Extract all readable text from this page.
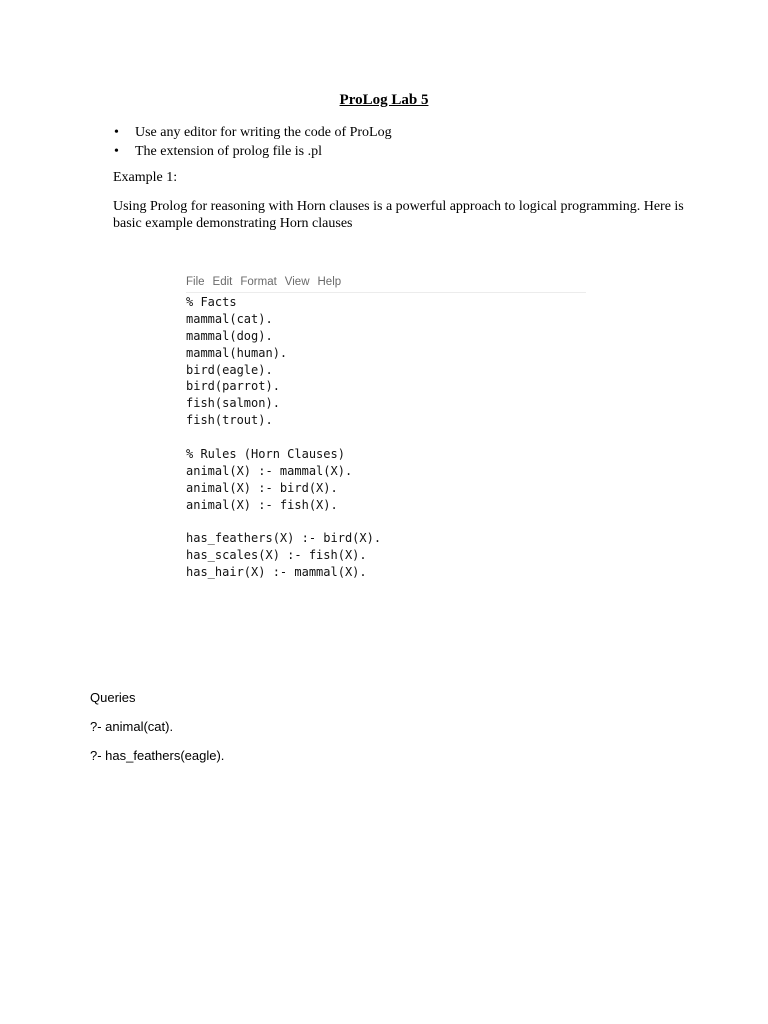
ProLog Lab 5
• Use any editor for writing the code of ProLog
• The extension of prolog file is .pl
Example 1:
Using Prolog for reasoning with Horn clauses is a powerful approach to logical programming. Here is basic example demonstrating Horn clauses
File Edit Format View Help
% Facts
mammal(cat).
mammal(dog).
mammal(human).
bird(eagle).
bird(parrot).
fish(salmon).
fish(trout).
% Rules (Horn Clauses)
animal(X) :- mammal(X).
animal(X) :- bird(X).
animal(X) :- fish(X).
has_feathers(X) :- bird(X).
has_scales(X) :- fish(X).
has_hair(X) :- mammal(X).
Queries
?- animal(cat).
?- has_feathers(eagle).
